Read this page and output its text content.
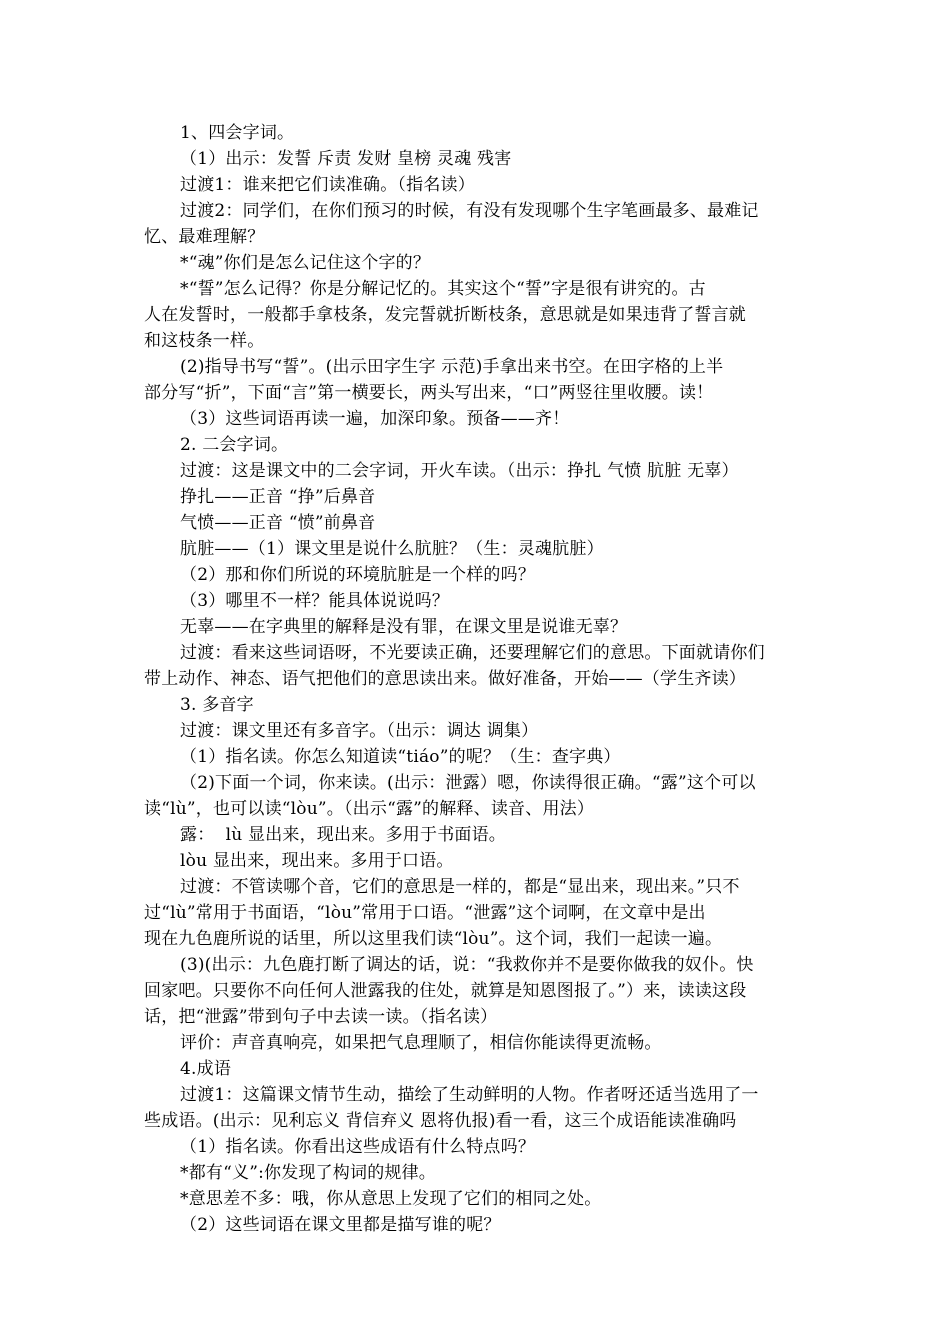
1、四会字词。
（1）出示：发誓 斥责 发财 皇榜 灵魂 残害
过渡1：谁来把它们读准确。（指名读）
过渡2：同学们，在你们预习的时候，有没有发现哪个生字笔画最多、最难记
忆、最难理解？
*“魂”你们是怎么记住这个字的？
*“誓”怎么记得？你是分解记忆的。其实这个“誓”字是很有讲究的。古
人在发誓时，一般都手拿枝条，发完誓就折断枝条，意思就是如果违背了誓言就
和这枝条一样。
(2)指导书写“誓”。(出示田字生字 示范)手拿出来书空。在田字格的上半
部分写“折”，下面“言”第一横要长，两头写出来，“口”两竖往里收腰。读！
（3）这些词语再读一遍，加深印象。预备——齐！
2. 二会字词。
过渡：这是课文中的二会字词，开火车读。（出示：挣扎 气愤 肮脏 无辜）
挣扎——正音 “挣”后鼻音
气愤——正音 “愤”前鼻音
肮脏——（1）课文里是说什么肮脏？（生：灵魂肮脏）
（2）那和你们所说的环境肮脏是一个样的吗？
（3）哪里不一样？能具体说说吗？
无辜——在字典里的解释是没有罪，在课文里是说谁无辜？
过渡：看来这些词语呀，不光要读正确，还要理解它们的意思。下面就请你们
带上动作、神态、语气把他们的意思读出来。做好准备，开始——（学生齐读）
3. 多音字
过渡：课文里还有多音字。（出示：调达 调集）
（1）指名读。你怎么知道读“tiáo”的呢？（生：查字典）
（2)下面一个词，你来读。(出示：泄露）嗯，你读得很正确。“露”这个可以
读“lù”，也可以读“lòu”。（出示“露”的解释、读音、用法）
露：  lù 显出来，现出来。多用于书面语。
lòu 显出来，现出来。多用于口语。
过渡：不管读哪个音，它们的意思是一样的，都是“显出来，现出来。”只不
过“lù”常用于书面语，“lòu”常用于口语。“泄露”这个词啊，在文章中是出
现在九色鹿所说的话里，所以这里我们读“lòu”。这个词，我们一起读一遍。
(3)(出示：九色鹿打断了调达的话，说：“我救你并不是要你做我的奴仆。快
回家吧。只要你不向任何人泄露我的住处，就算是知恩图报了。”）来，读读这段
话，把“泄露”带到句子中去读一读。（指名读）
评价：声音真响亮，如果把气息理顺了，相信你能读得更流畅。
4.成语
过渡1：这篇课文情节生动，描绘了生动鲜明的人物。作者呀还适当选用了一
些成语。(出示：见利忘义 背信弃义 恩将仇报)看一看，这三个成语能读准确吗
（1）指名读。你看出这些成语有什么特点吗？
*都有“义”:你发现了构词的规律。
*意思差不多：哦，你从意思上发现了它们的相同之处。
（2）这些词语在课文里都是描写谁的呢？
